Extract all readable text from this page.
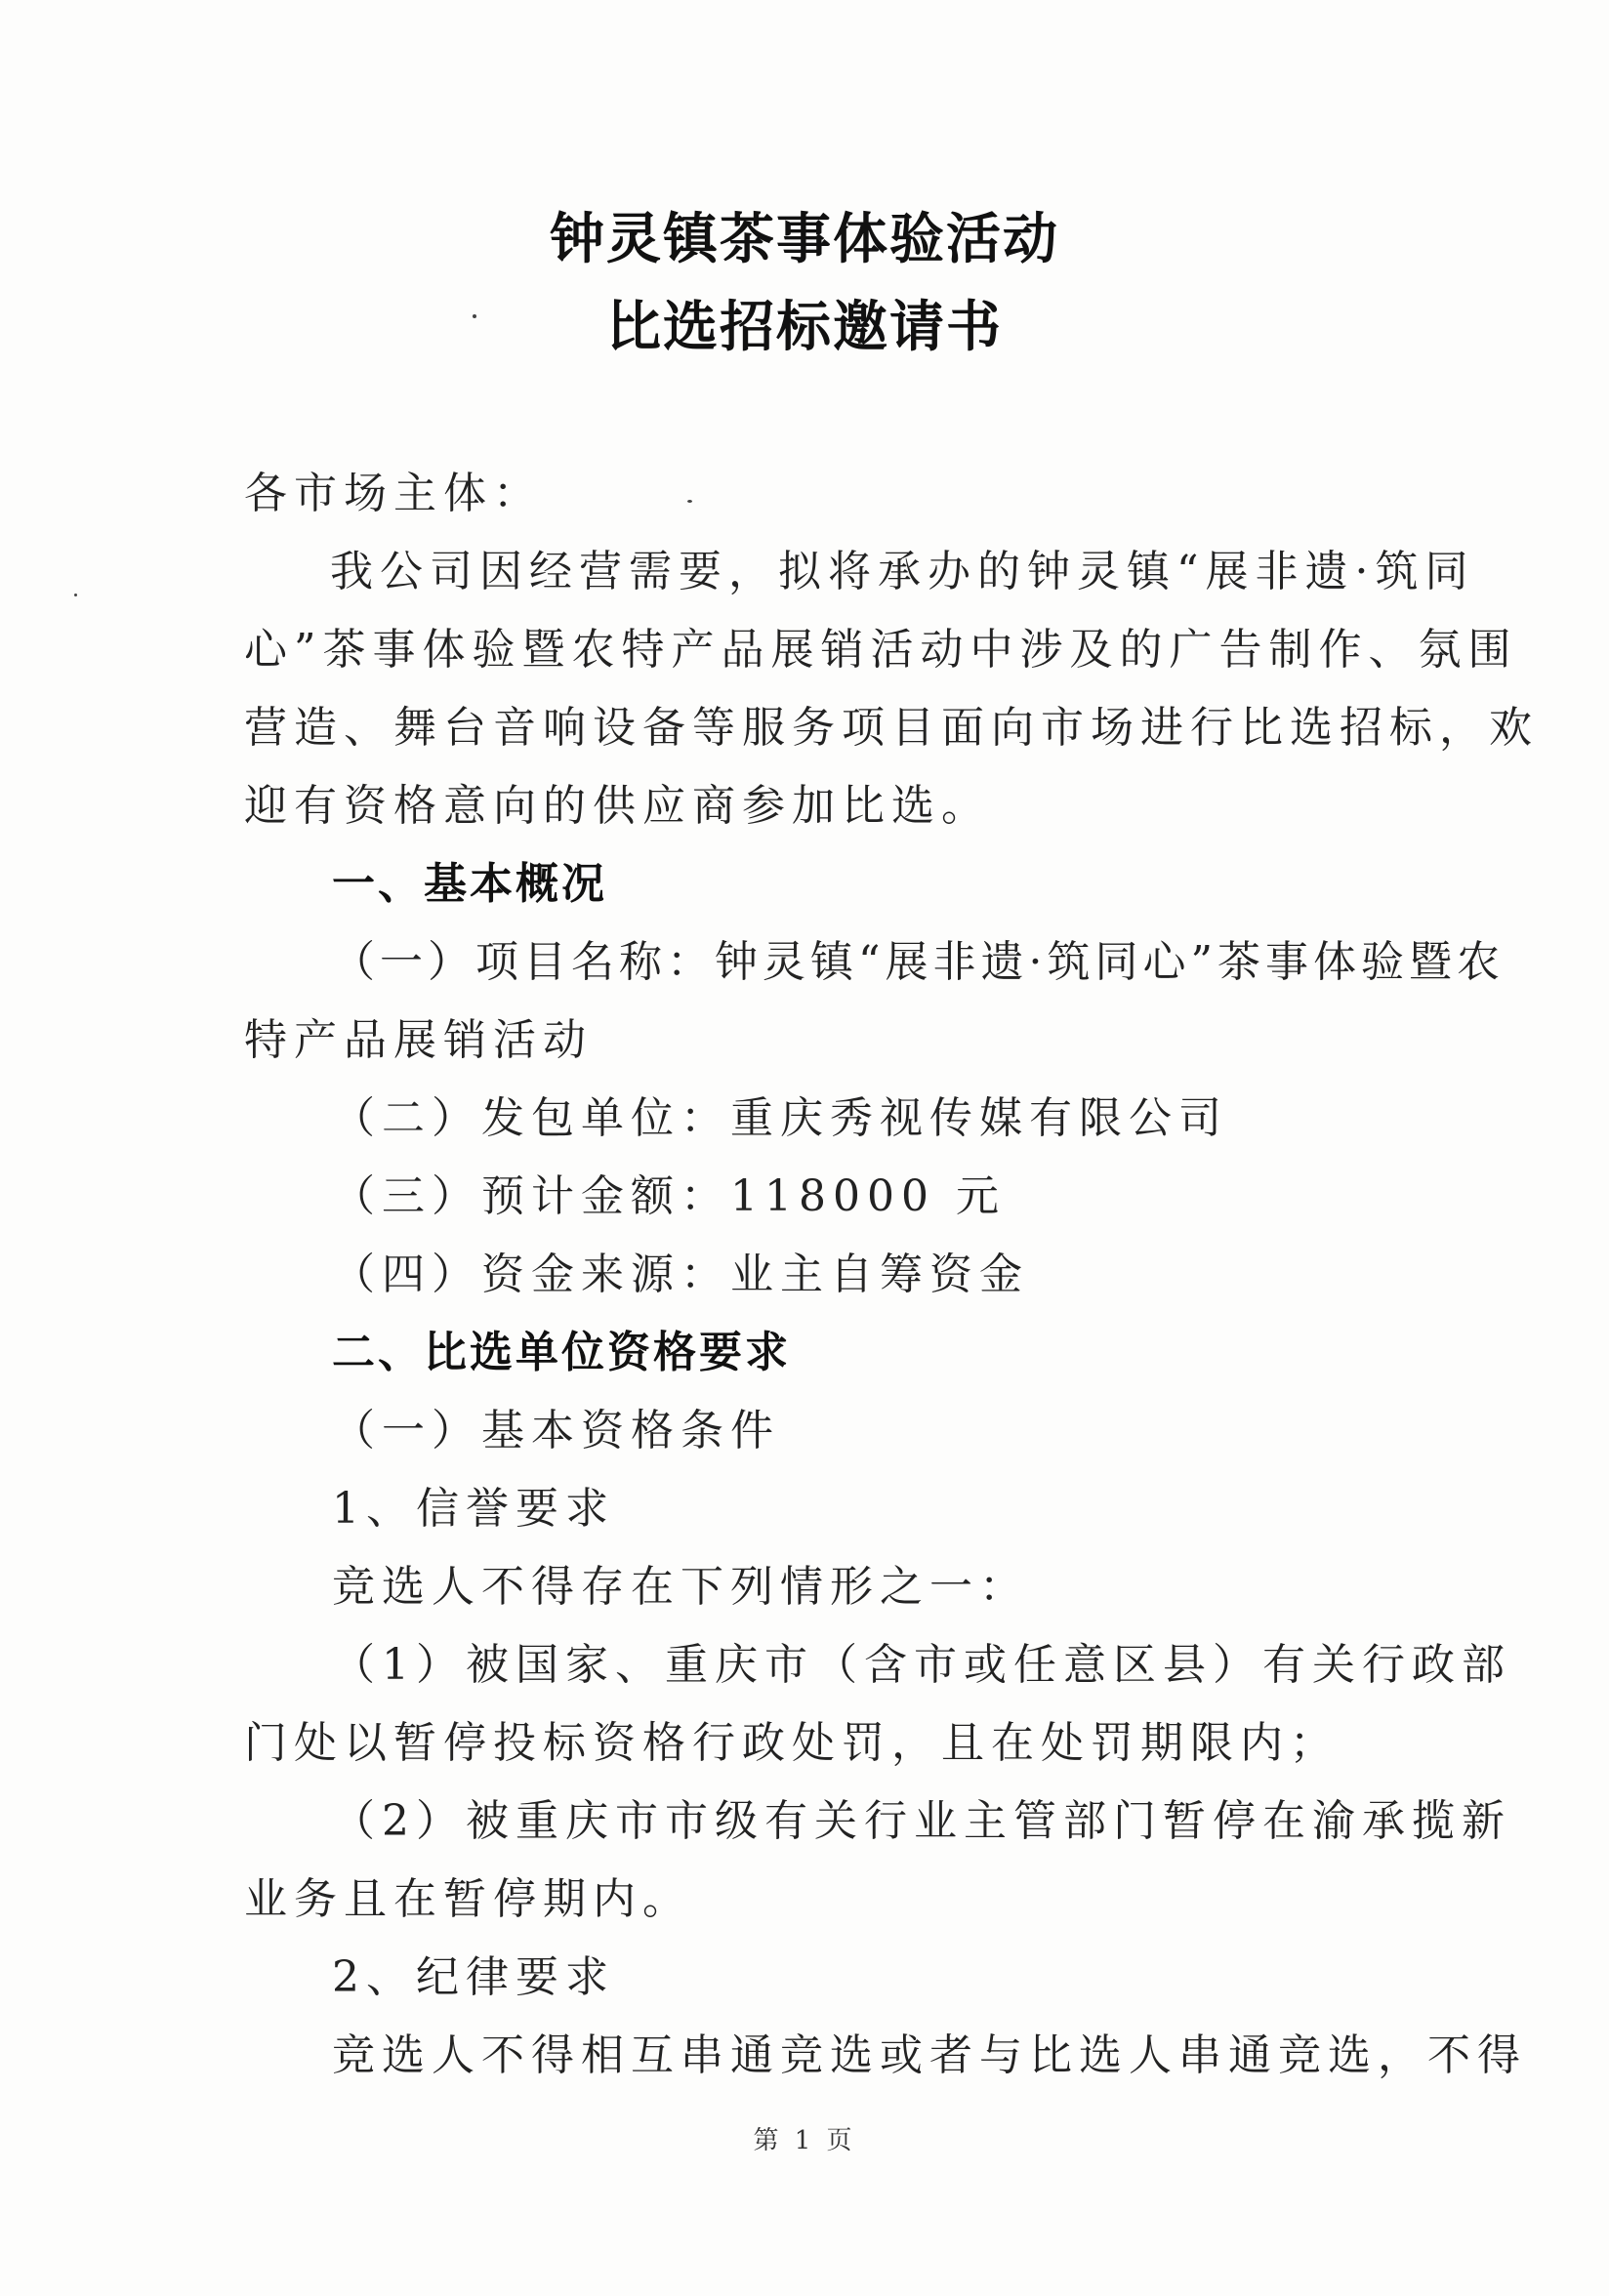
钟灵镇茶事体验活动
比选招标邀请书
各市场主体：
我公司因经营需要，拟将承办的钟灵镇“展非遗·筑同
心”茶事体验暨农特产品展销活动中涉及的广告制作、氛围
营造、舞台音响设备等服务项目面向市场进行比选招标，欢
迎有资格意向的供应商参加比选。
一、基本概况
（一）项目名称：钟灵镇“展非遗·筑同心”茶事体验暨农
特产品展销活动
（二）发包单位：重庆秀视传媒有限公司
（三）预计金额：118000 元
（四）资金来源：业主自筹资金
二、比选单位资格要求
（一）基本资格条件
1、信誉要求
竞选人不得存在下列情形之一：
（1）被国家、重庆市（含市或任意区县）有关行政部
门处以暂停投标资格行政处罚，且在处罚期限内；
（2）被重庆市市级有关行业主管部门暂停在渝承揽新
业务且在暂停期内。
2、纪律要求
竞选人不得相互串通竞选或者与比选人串通竞选，不得
第 1 页
